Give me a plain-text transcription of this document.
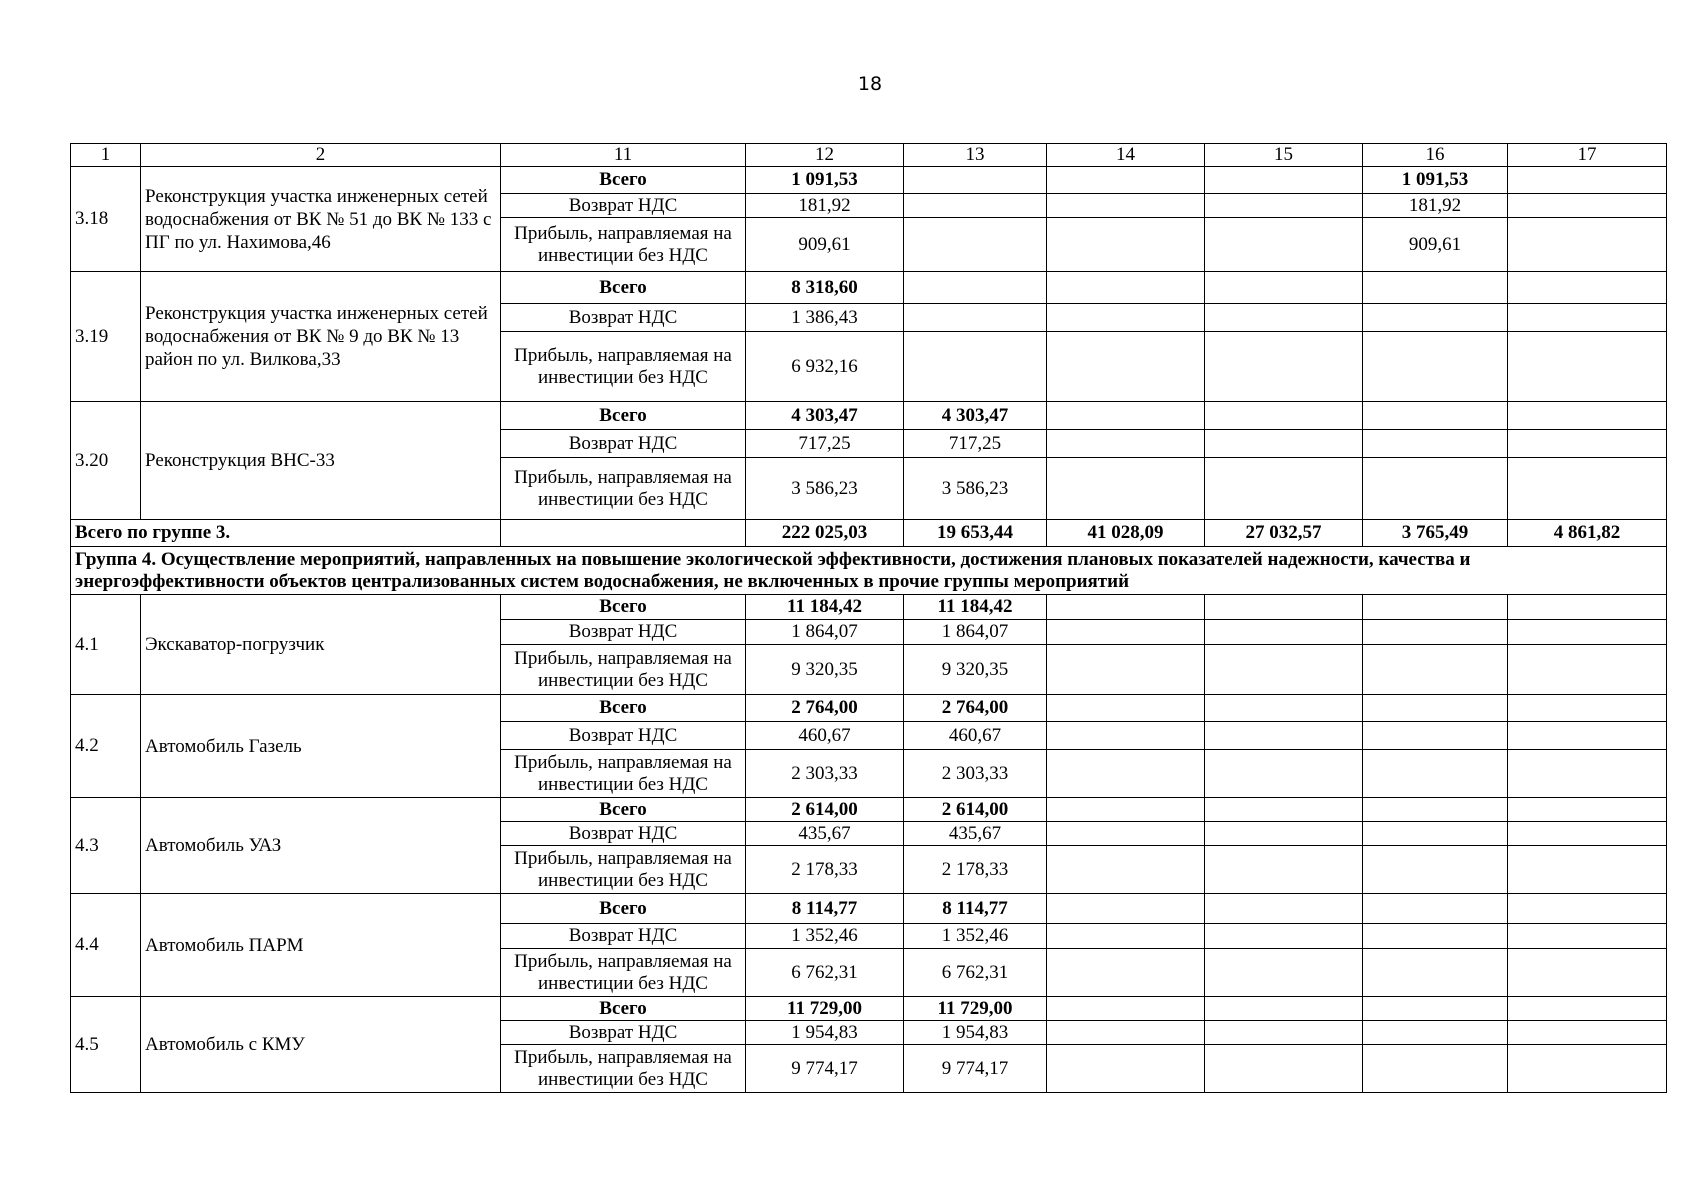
18
1	2	11	12	13	14	15	16	17
3.18	Реконструкция участка инженерных сетей водоснабжения от ВК № 51 до ВК № 133 с ПГ по ул. Нахимова,46	Всего	1 091,53				1 091,53	
		Возврат НДС	181,92				181,92	
		Прибыль, направляемая на инвестиции без НДС	909,61				909,61	
3.19	Реконструкция участка инженерных сетей водоснабжения от ВК № 9 до ВК № 13 район по ул. Вилкова,33	Всего	8 318,60					
		Возврат НДС	1 386,43					
		Прибыль, направляемая на инвестиции без НДС	6 932,16					
3.20	Реконструкция ВНС-33	Всего	4 303,47	4 303,47				
		Возврат НДС	717,25	717,25				
		Прибыль, направляемая на инвестиции без НДС	3 586,23	3 586,23				
Всего по группе 3.			222 025,03	19 653,44	41 028,09	27 032,57	3 765,49	4 861,82
Группа 4. Осуществление мероприятий, направленных на повышение экологической эффективности, достижения плановых показателей надежности, качества и энергоэффективности объектов централизованных систем водоснабжения, не включенных в прочие группы мероприятий								
4.1	Экскаватор-погрузчик	Всего	11 184,42	11 184,42				
		Возврат НДС	1 864,07	1 864,07				
		Прибыль, направляемая на инвестиции без НДС	9 320,35	9 320,35				
4.2	Автомобиль Газель	Всего	2 764,00	2 764,00				
		Возврат НДС	460,67	460,67				
		Прибыль, направляемая на инвестиции без НДС	2 303,33	2 303,33				
4.3	Автомобиль УАЗ	Всего	2 614,00	2 614,00				
		Возврат НДС	435,67	435,67				
		Прибыль, направляемая на инвестиции без НДС	2 178,33	2 178,33				
4.4	Автомобиль ПАРМ	Всего	8 114,77	8 114,77				
		Возврат НДС	1 352,46	1 352,46				
		Прибыль, направляемая на инвестиции без НДС	6 762,31	6 762,31				
4.5	Автомобиль с КМУ	Всего	11 729,00	11 729,00				
		Возврат НДС	1 954,83	1 954,83				
		Прибыль, направляемая на инвестиции без НДС	9 774,17	9 774,17				
